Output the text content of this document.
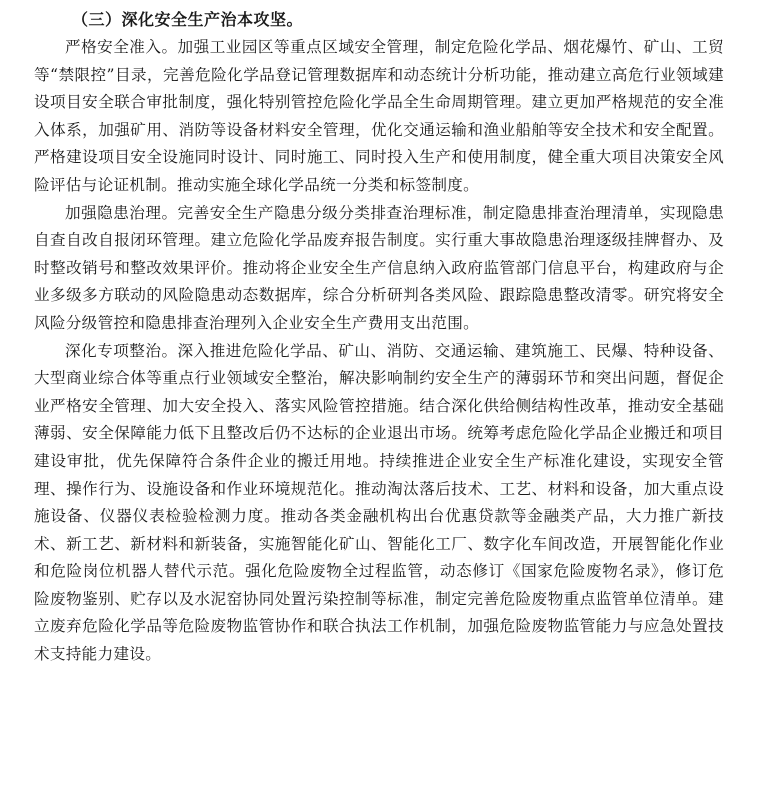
（三）深化安全生产治本攻坚。

严格安全准入。加强工业园区等重点区域安全管理，制定危险化学品、烟花爆竹、矿山、工贸等“禁限控”目录，完善危险化学品登记管理数据库和动态统计分析功能，推动建立高危行业领域建设项目安全联合审批制度，强化特别管控危险化学品全生命周期管理。建立更加严格规范的安全准入体系，加强矿用、消防等设备材料安全管理，优化交通运输和渔业船舶等安全技术和安全配置。严格建设项目安全设施同时设计、同时施工、同时投入生产和使用制度，健全重大项目决策安全风险评估与论证机制。推动实施全球化学品统一分类和标签制度。

加强隐患治理。完善安全生产隐患分级分类排查治理标准，制定隐患排查治理清单，实现隐患自查自改自报闭环管理。建立危险化学品废弃报告制度。实行重大事故隐患治理逐级挂牌督办、及时整改销号和整改效果评价。推动将企业安全生产信息纳入政府监管部门信息平台，构建政府与企业多级多方联动的风险隐患动态数据库，综合分析研判各类风险、跟踪隐患整改清零。研究将安全风险分级管控和隐患排查治理列入企业安全生产费用支出范围。

深化专项整治。深入推进危险化学品、矿山、消防、交通运输、建筑施工、民爆、特种设备、大型商业综合体等重点行业领域安全整治，解决影响制约安全生产的薄弱环节和突出问题，督促企业严格安全管理、加大安全投入、落实风险管控措施。结合深化供给侧结构性改革，推动安全基础薄弱、安全保障能力低下且整改后仍不达标的企业退出市场。统筹考虑危险化学品企业搬迁和项目建设审批，优先保障符合条件企业的搬迁用地。持续推进企业安全生产标准化建设，实现安全管理、操作行为、设施设备和作业环境规范化。推动淘汰落后技术、工艺、材料和设备，加大重点设施设备、仪器仪表检验检测力度。推动各类金融机构出台优惠贷款等金融类产品，大力推广新技术、新工艺、新材料和新装备，实施智能化矿山、智能化工厂、数字化车间改造，开展智能化作业和危险岗位机器人替代示范。强化危险废物全过程监管，动态修订《国家危险废物名录》，修订危险废物鉴别、贮存以及水泥窑协同处置污染控制等标准，制定完善危险废物重点监管单位清单。建立废弃危险化学品等危险废物监管协作和联合执法工作机制，加强危险废物监管能力与应急处置技术支持能力建设。
